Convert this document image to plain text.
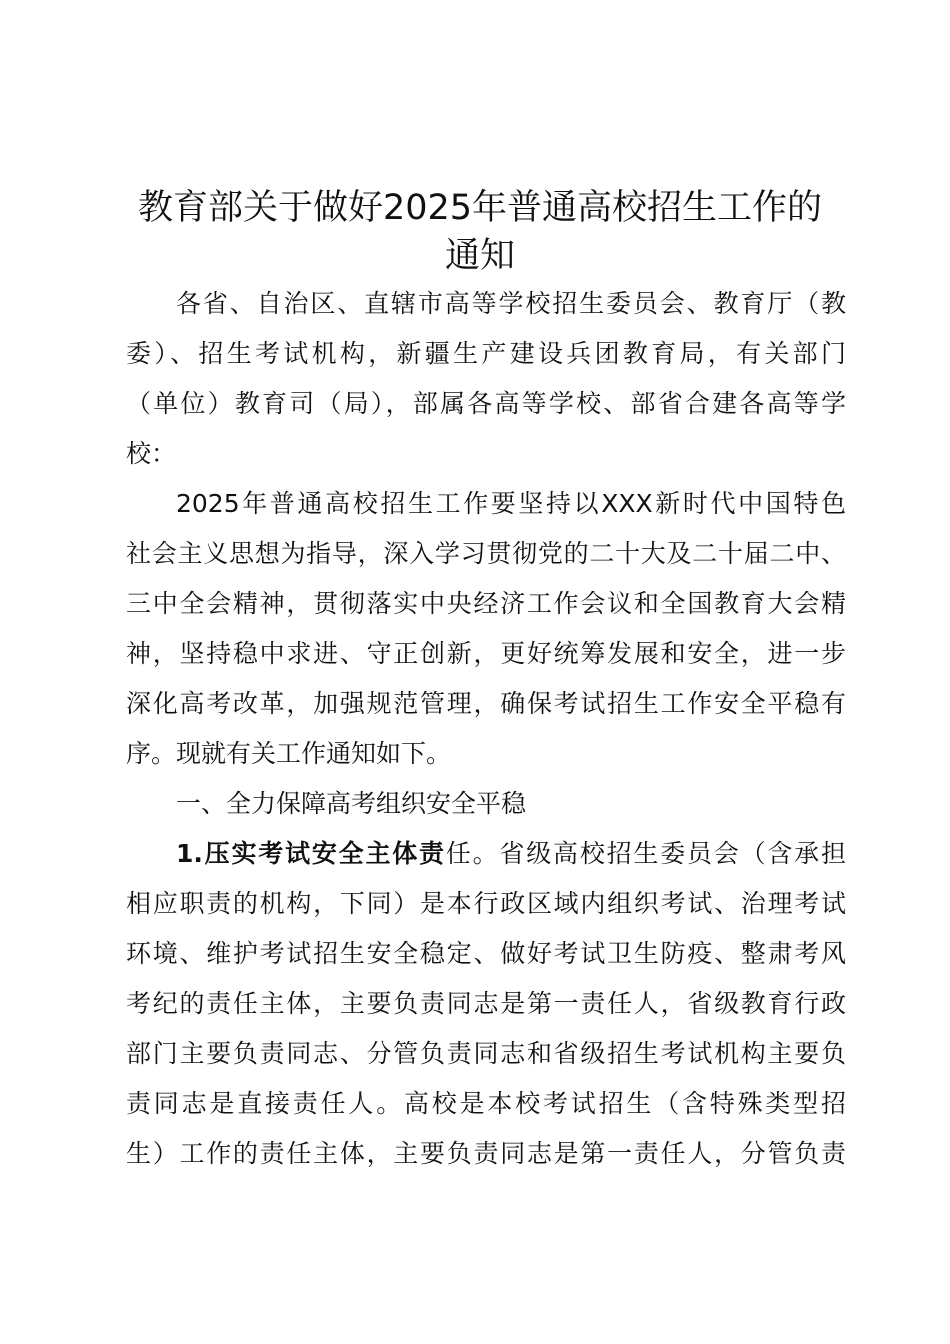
教育部关于做好2025年普通高校招生工作的
通知

各省、自治区、直辖市高等学校招生委员会、教育厅（教

委）、招生考试机构，新疆生产建设兵团教育局，有关部门

（单位）教育司（局），部属各高等学校、部省合建各高等学

校：

2025年普通高校招生工作要坚持以XXX新时代中国特色

社会主义思想为指导，深入学习贯彻党的二十大及二十届二中、

三中全会精神，贯彻落实中央经济工作会议和全国教育大会精

神，坚持稳中求进、守正创新，更好统筹发展和安全，进一步

深化高考改革，加强规范管理，确保考试招生工作安全平稳有

序。现就有关工作通知如下。

一、全力保障高考组织安全平稳

1.压实考试安全主体责任。省级高校招生委员会（含承担

相应职责的机构，下同）是本行政区域内组织考试、治理考试

环境、维护考试招生安全稳定、做好考试卫生防疫、整肃考风

考纪的责任主体，主要负责同志是第一责任人，省级教育行政

部门主要负责同志、分管负责同志和省级招生考试机构主要负

责同志是直接责任人。高校是本校考试招生（含特殊类型招

生）工作的责任主体，主要负责同志是第一责任人，分管负责
